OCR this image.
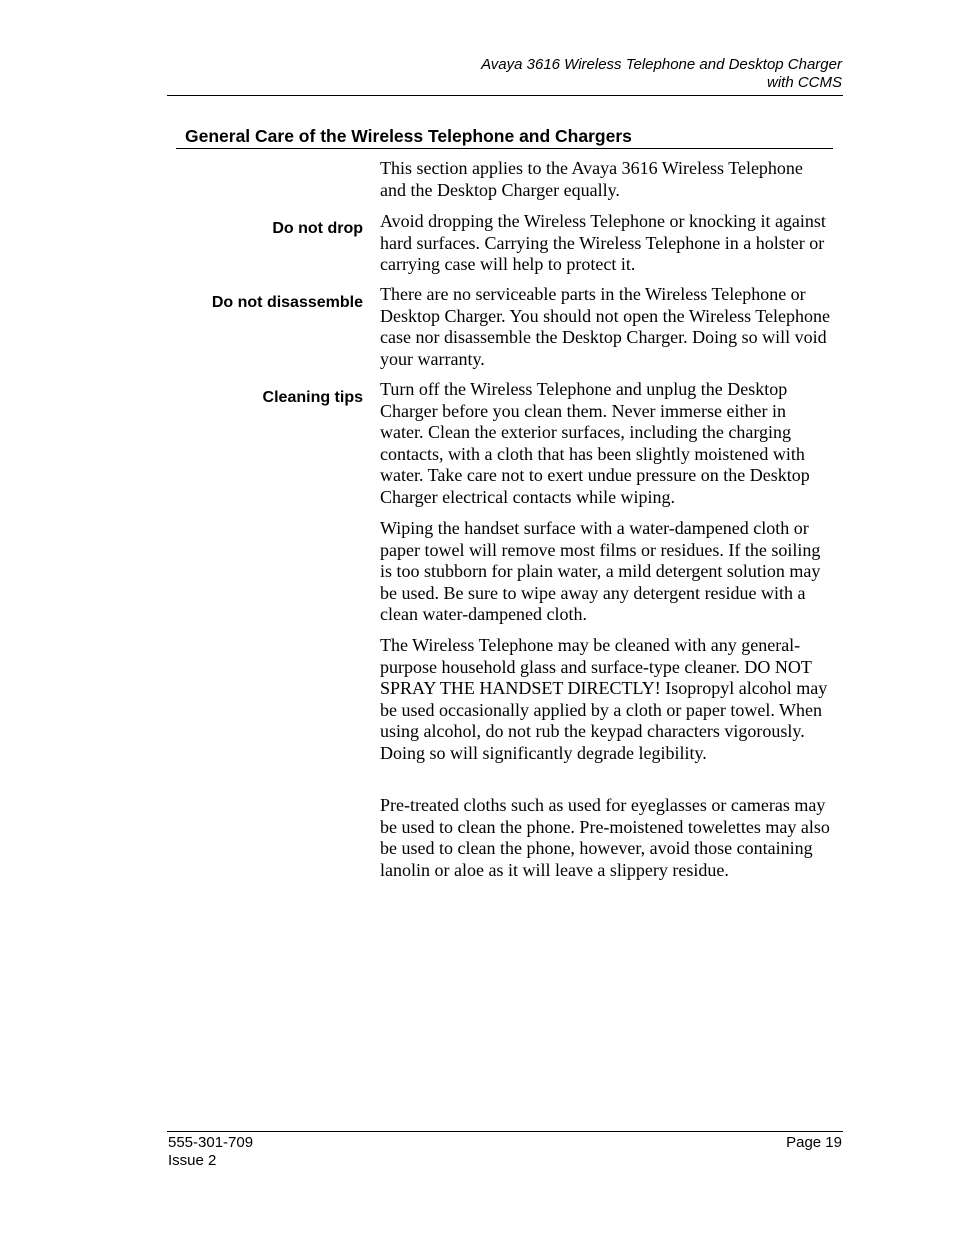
Avaya 3616 Wireless Telephone and Desktop Charger
with CCMS
General Care of the Wireless Telephone and Chargers

This section applies to the Avaya 3616 Wireless Telephone and the Desktop Charger equally.

Do not drop Avoid dropping the Wireless Telephone or knocking it against hard surfaces. Carrying the Wireless Telephone in a holster or carrying case will help to protect it.

Do not disassemble There are no serviceable parts in the Wireless Telephone or Desktop Charger. You should not open the Wireless Telephone case nor disassemble the Desktop Charger. Doing so will void your warranty.

Cleaning tips Turn off the Wireless Telephone and unplug the Desktop Charger before you clean them. Never immerse either in water. Clean the exterior surfaces, including the charging contacts, with a cloth that has been slightly moistened with water. Take care not to exert undue pressure on the Desktop Charger electrical contacts while wiping.

Wiping the handset surface with a water-dampened cloth or paper towel will remove most films or residues. If the soiling is too stubborn for plain water, a mild detergent solution may be used. Be sure to wipe away any detergent residue with a clean water-dampened cloth.

The Wireless Telephone may be cleaned with any general-purpose household glass and surface-type cleaner. DO NOT SPRAY THE HANDSET DIRECTLY! Isopropyl alcohol may be used occasionally applied by a cloth or paper towel. When using alcohol, do not rub the keypad characters vigorously. Doing so will significantly degrade legibility.

Pre-treated cloths such as used for eyeglasses or cameras may be used to clean the phone. Pre-moistened towelettes may also be used to clean the phone, however, avoid those containing lanolin or aloe as it will leave a slippery residue.

555-301-709
Issue 2
Page 19
